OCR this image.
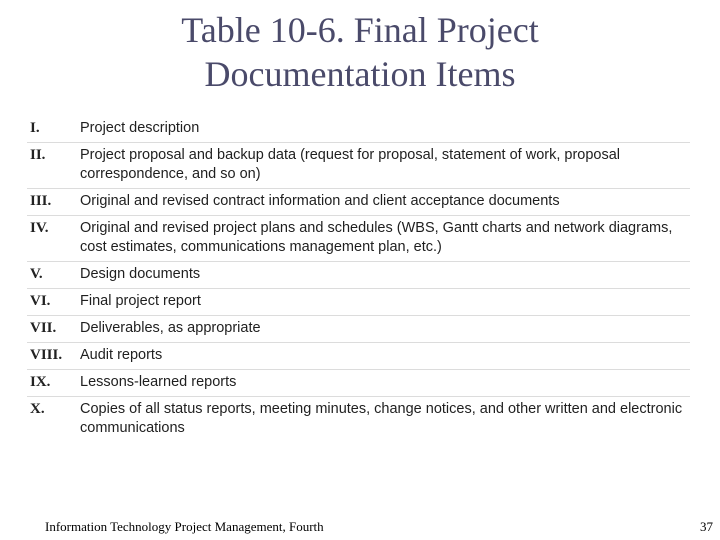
Table 10-6. Final Project
Documentation Items
I.	Project description
II.	Project proposal and backup data (request for proposal, statement of work, proposal correspondence, and so on)
III.	Original and revised contract information and client acceptance documents
IV.	Original and revised project plans and schedules (WBS, Gantt charts and network diagrams, cost estimates, communications management plan, etc.)
V.	Design documents
VI.	Final project report
VII.	Deliverables, as appropriate
VIII.	Audit reports
IX.	Lessons-learned reports
X.	Copies of all status reports, meeting minutes, change notices, and other written and electronic communications
Information Technology Project Management, Fourth	37
